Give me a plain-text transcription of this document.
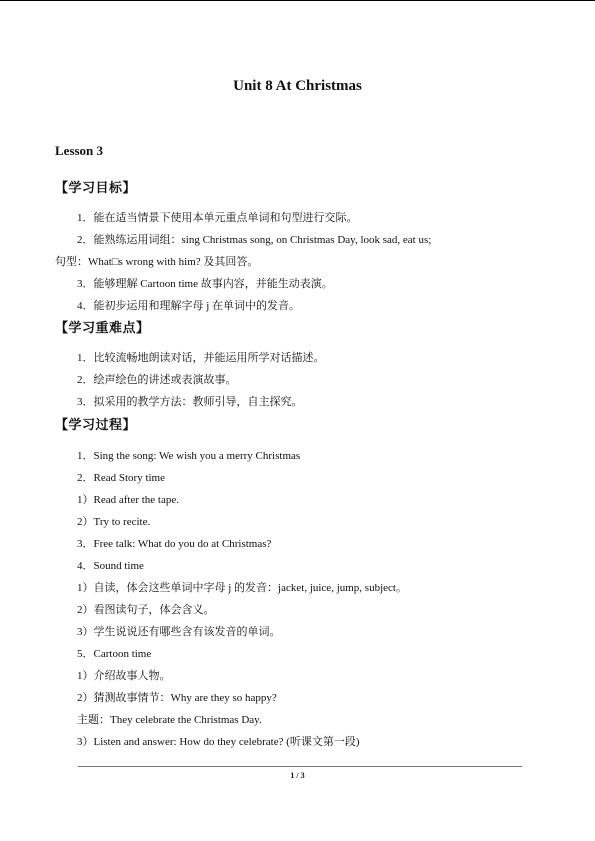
Unit 8 At Christmas
Lesson 3
【学习目标】
1．能在适当情景下使用本单元重点单词和句型进行交际。
2．能熟练运用词组：sing Christmas song, on Christmas Day, look sad, eat us;
句型：What□s wrong with him? 及其回答。
3．能够理解 Cartoon time 故事内容，并能生动表演。
4．能初步运用和理解字母 j 在单词中的发音。
【学习重难点】
1．比较流畅地朗读对话，并能运用所学对话描述。
2．绘声绘色的讲述或表演故事。
3．拟采用的教学方法：教师引导，自主探究。
【学习过程】
1．Sing the song: We wish you a merry Christmas
2．Read Story time
1）Read after the tape.
2）Try to recite.
3．Free talk: What do you do at Christmas?
4．Sound time
1）自读，体会这些单词中字母 j 的发音：jacket, juice, jump, subject。
2）看图读句子，体会含义。
3）学生说说还有哪些含有该发音的单词。
5．Cartoon time
1）介绍故事人物。
2）猜测故事情节：Why are they so happy?
主题：They celebrate the Christmas Day.
3）Listen and answer: How do they celebrate? (听课文第一段)
1 / 3
